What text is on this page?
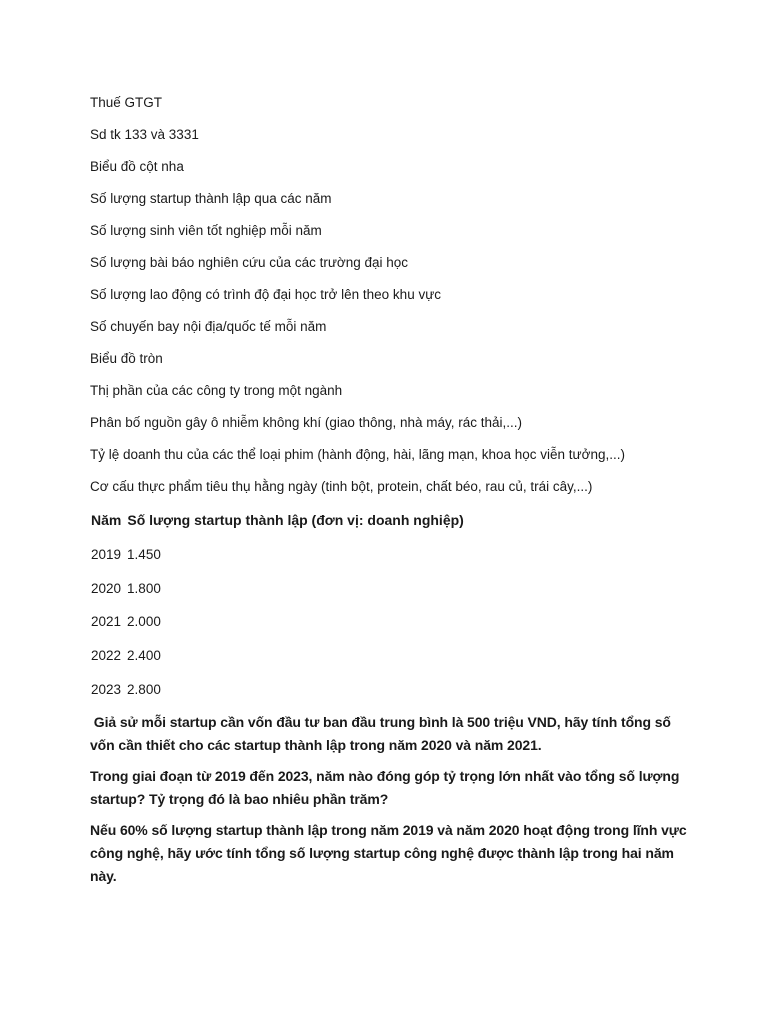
Thuế GTGT
Sd tk 133 và 3331
Biểu đồ cột nha
Số lượng startup thành lập qua các năm
Số lượng sinh viên tốt nghiệp mỗi năm
Số lượng bài báo nghiên cứu của các trường đại học
Số lượng lao động có trình độ đại học trở lên theo khu vực
Số chuyến bay nội địa/quốc tế mỗi năm
Biểu đồ tròn
Thị phần của các công ty trong một ngành
Phân bố nguồn gây ô nhiễm không khí (giao thông, nhà máy, rác thải,...)
Tỷ lệ doanh thu của các thể loại phim (hành động, hài, lãng mạn, khoa học viễn tưởng,...)
Cơ cấu thực phẩm tiêu thụ hằng ngày (tinh bột, protein, chất béo, rau củ, trái cây,...)
Năm Số lượng startup thành lập (đơn vị: doanh nghiệp)
2019 1.450
2020 1.800
2021 2.000
2022 2.400
2023 2.800
Giả sử mỗi startup cần vốn đầu tư ban đầu trung bình là 500 triệu VND, hãy tính tổng số vốn cần thiết cho các startup thành lập trong năm 2020 và năm 2021.
Trong giai đoạn từ 2019 đến 2023, năm nào đóng góp tỷ trọng lớn nhất vào tổng số lượng startup? Tỷ trọng đó là bao nhiêu phần trăm?
Nếu 60% số lượng startup thành lập trong năm 2019 và năm 2020 hoạt động trong lĩnh vực công nghệ, hãy ước tính tổng số lượng startup công nghệ được thành lập trong hai năm này.
